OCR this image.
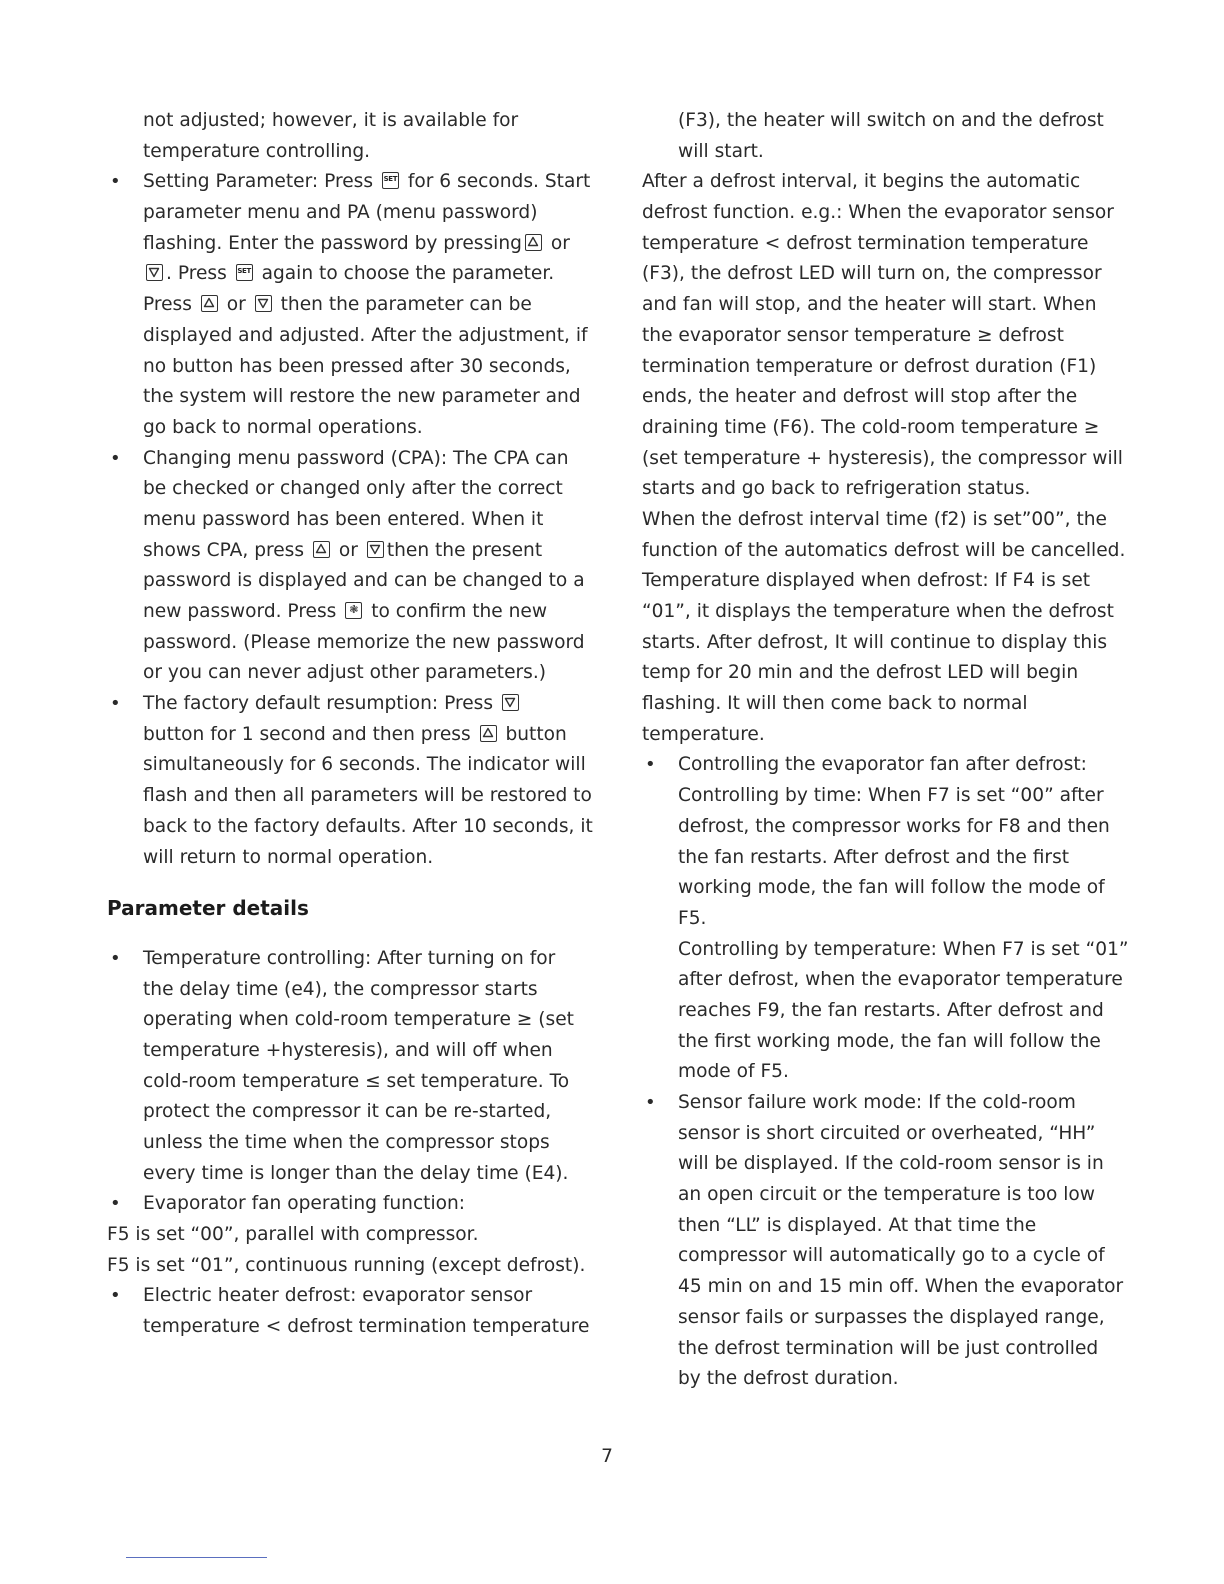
not adjusted; however, it is available for
temperature controlling.
• Setting Parameter: Press SET for 6 seconds. Start
parameter menu and PA (menu password)
flashing. Enter the password by pressing
or
. Press SET again to choose the parameter.
Press
or
then the parameter can be
displayed and adjusted. After the adjustment, if
no button has been pressed after 30 seconds,
the system will restore the new parameter and
go back to normal operations.
• Changing menu password (CPA): The CPA can
be checked or changed only after the correct
menu password has been entered. When it
shows CPA, press
or
then the present
password is displayed and can be changed to a
new password. Press ❃ to confirm the new
password. (Please memorize the new password
or you can never adjust other parameters.)
• The factory default resumption: Press
button for 1 second and then press
button
simultaneously for 6 seconds. The indicator will
flash and then all parameters will be restored to
back to the factory defaults. After 10 seconds, it
will return to normal operation.
Parameter details
• Temperature controlling: After turning on for
the delay time (e4), the compressor starts
operating when cold-room temperature ≥ (set
temperature +hysteresis), and will off when
cold-room temperature ≤ set temperature. To
protect the compressor it can be re-started,
unless the time when the compressor stops
every time is longer than the delay time (E4).
• Evaporator fan operating function:
F5 is set “00”, parallel with compressor.
F5 is set “01”, continuous running (except defrost).
• Electric heater defrost: evaporator sensor
temperature < defrost termination temperature
(F3), the heater will switch on and the defrost
will start.
After a defrost interval, it begins the automatic
defrost function. e.g.: When the evaporator sensor
temperature < defrost termination temperature
(F3), the defrost LED will turn on, the compressor
and fan will stop, and the heater will start. When
the evaporator sensor temperature ≥ defrost
termination temperature or defrost duration (F1)
ends, the heater and defrost will stop after the
draining time (F6). The cold-room temperature ≥
(set temperature + hysteresis), the compressor will
starts and go back to refrigeration status.
When the defrost interval time (f2) is set”00”, the
function of the automatics defrost will be cancelled.
Temperature displayed when defrost: If F4 is set
“01”, it displays the temperature when the defrost
starts. After defrost, It will continue to display this
temp for 20 min and the defrost LED will begin
flashing. It will then come back to normal
temperature.
• Controlling the evaporator fan after defrost:
Controlling by time: When F7 is set “00” after
defrost, the compressor works for F8 and then
the fan restarts. After defrost and the first
working mode, the fan will follow the mode of
F5.
Controlling by temperature: When F7 is set “01”
after defrost, when the evaporator temperature
reaches F9, the fan restarts. After defrost and
the first working mode, the fan will follow the
mode of F5.
• Sensor failure work mode: If the cold-room
sensor is short circuited or overheated, “HH”
will be displayed. If the cold-room sensor is in
an open circuit or the temperature is too low
then “LL” is displayed. At that time the
compressor will automatically go to a cycle of
45 min on and 15 min off. When the evaporator
sensor fails or surpasses the displayed range,
the defrost termination will be just controlled
by the defrost duration.
7
